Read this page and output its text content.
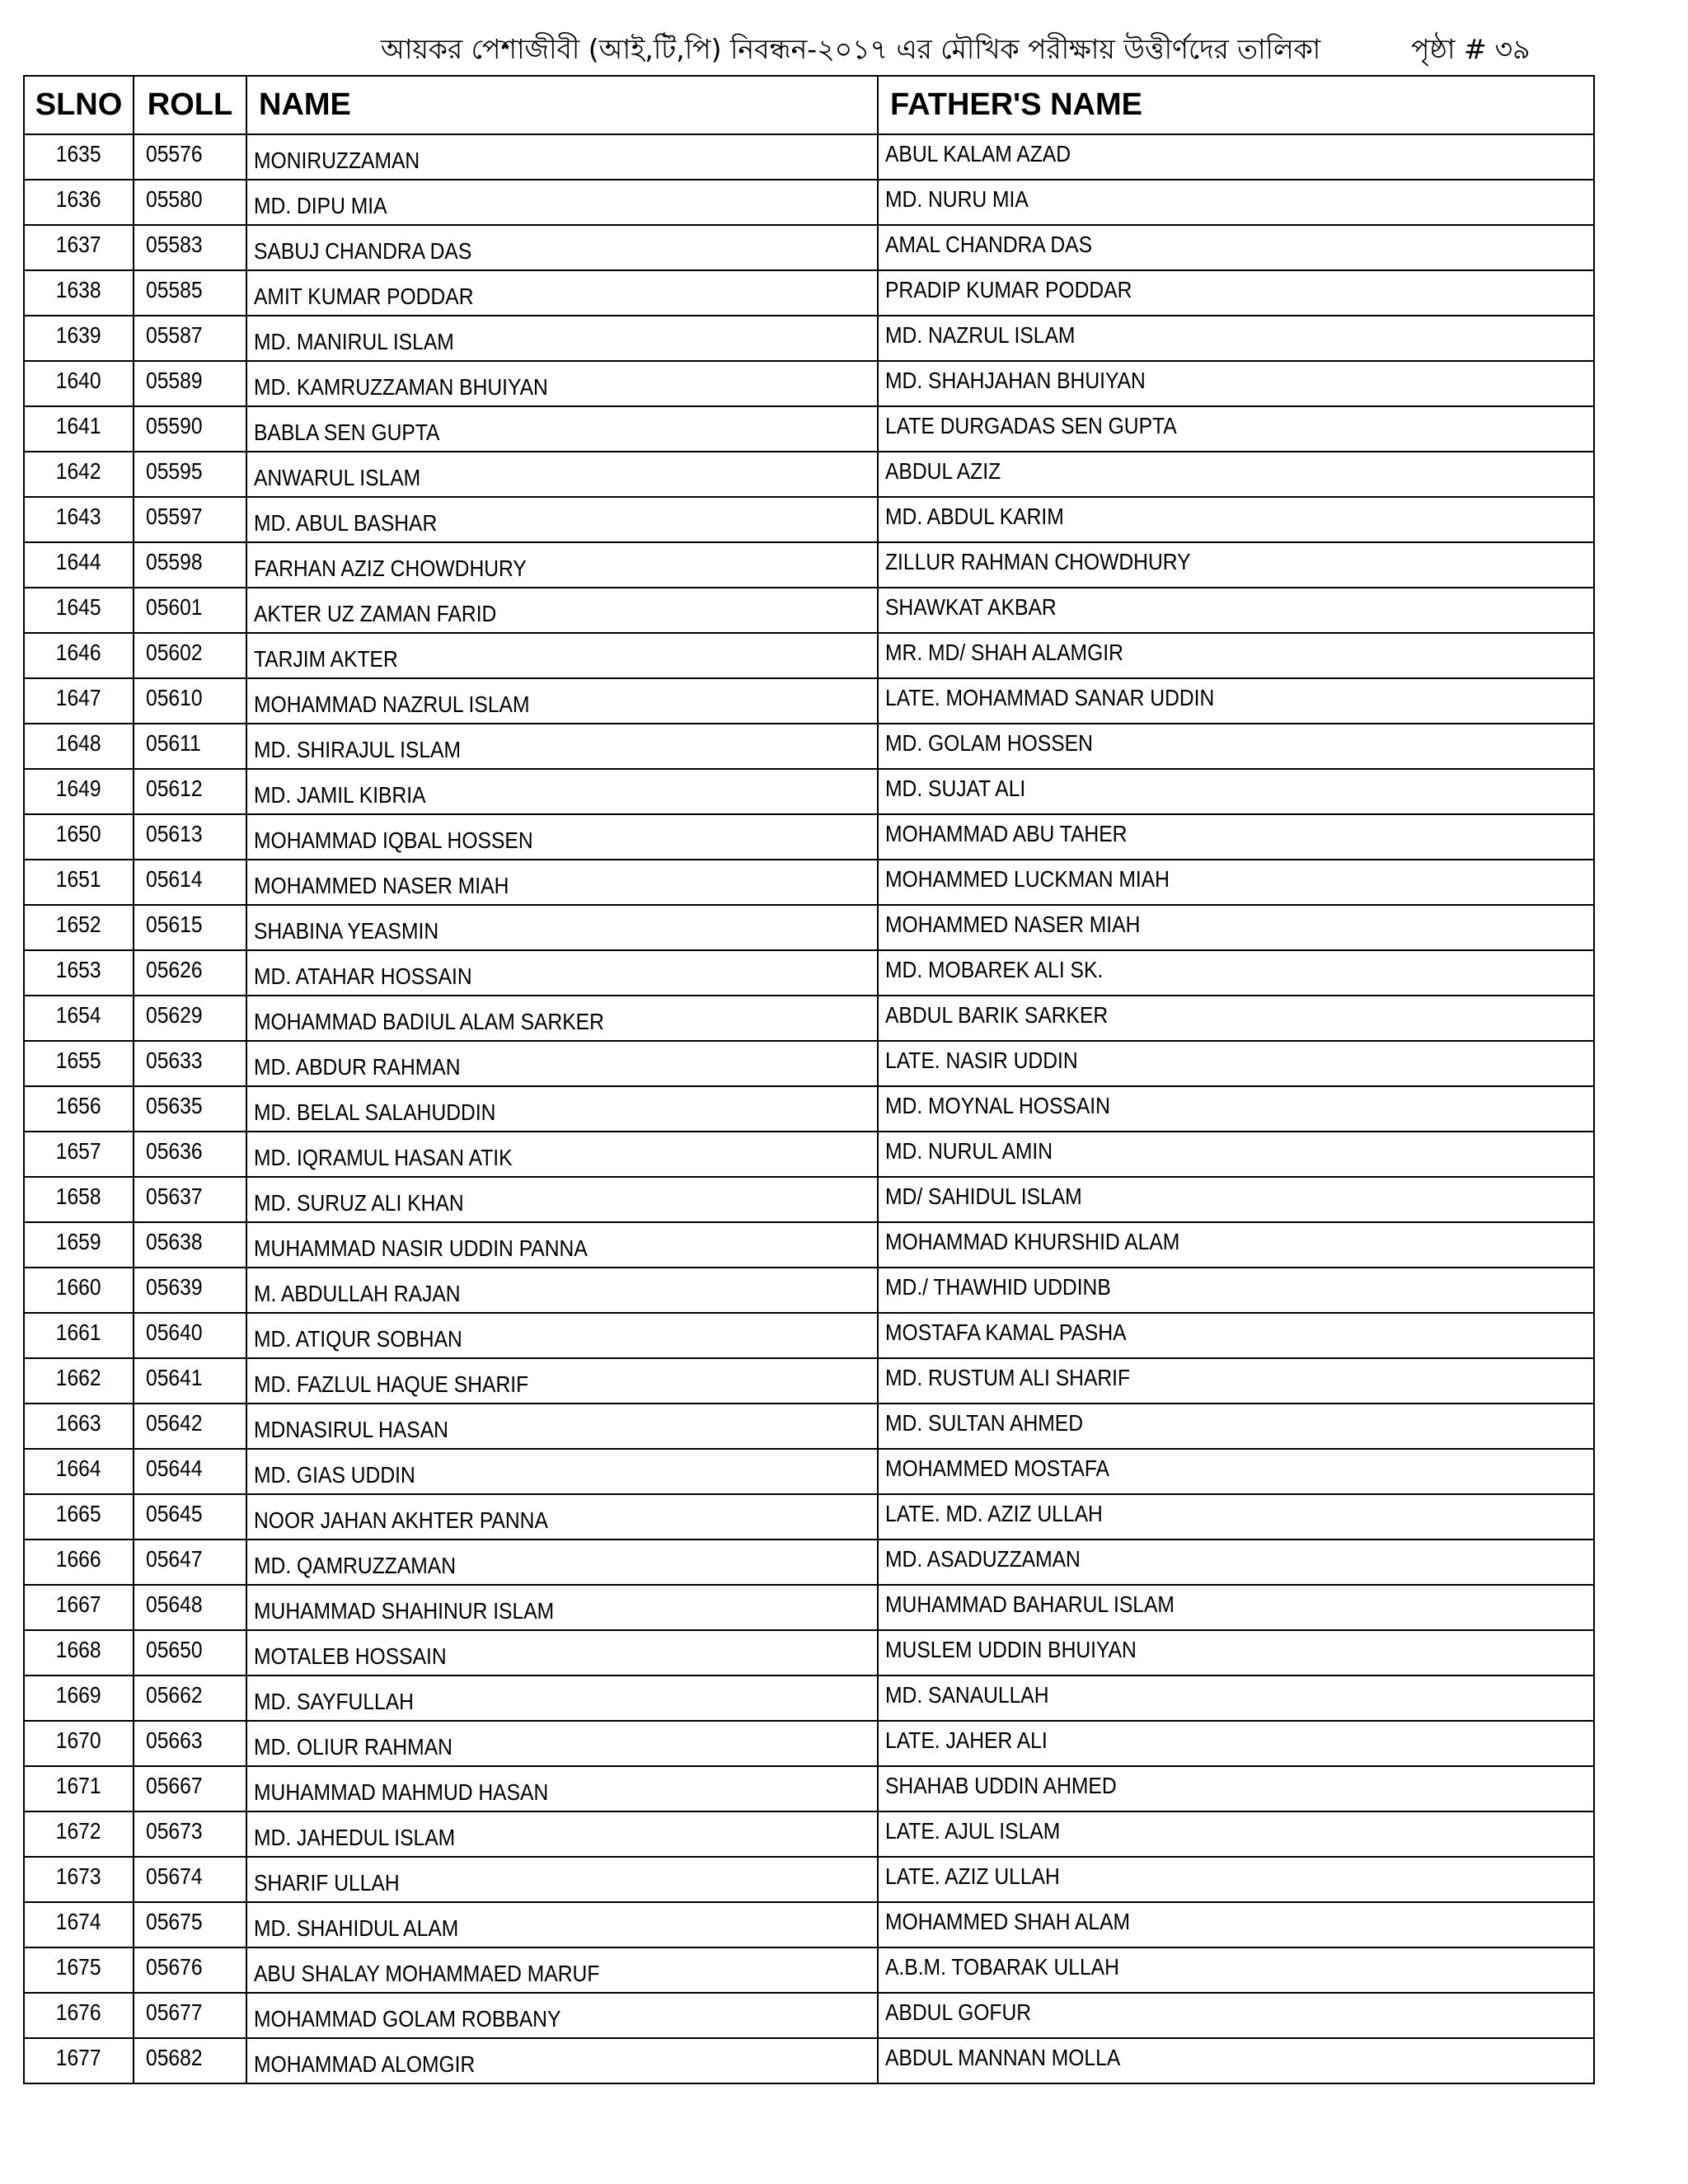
আয়কর পেশাজীবী (আই,টি,পি) নিবন্ধন-২০১৭ এর মৌখিক পরীক্ষায় উত্তীর্ণদের তালিকা	পৃষ্ঠা # ৩৯
SLNO	ROLL	NAME	FATHER'S NAME
1635	05576	MONIRUZZAMAN	ABUL KALAM AZAD
1636	05580	MD. DIPU MIA	MD. NURU MIA
1637	05583	SABUJ CHANDRA DAS	AMAL CHANDRA DAS
1638	05585	AMIT KUMAR PODDAR	PRADIP KUMAR PODDAR
1639	05587	MD. MANIRUL ISLAM	MD. NAZRUL ISLAM
1640	05589	MD. KAMRUZZAMAN BHUIYAN	MD. SHAHJAHAN BHUIYAN
1641	05590	BABLA SEN GUPTA	LATE DURGADAS SEN GUPTA
1642	05595	ANWARUL ISLAM	ABDUL AZIZ
1643	05597	MD. ABUL BASHAR	MD. ABDUL KARIM
1644	05598	FARHAN AZIZ CHOWDHURY	ZILLUR RAHMAN CHOWDHURY
1645	05601	AKTER UZ ZAMAN FARID	SHAWKAT AKBAR
1646	05602	TARJIM AKTER	MR. MD/ SHAH ALAMGIR
1647	05610	MOHAMMAD NAZRUL ISLAM	LATE. MOHAMMAD SANAR UDDIN
1648	05611	MD. SHIRAJUL ISLAM	MD. GOLAM HOSSEN
1649	05612	MD. JAMIL KIBRIA	MD. SUJAT ALI
1650	05613	MOHAMMAD IQBAL HOSSEN	MOHAMMAD ABU TAHER
1651	05614	MOHAMMED NASER MIAH	MOHAMMED LUCKMAN MIAH
1652	05615	SHABINA YEASMIN	MOHAMMED NASER MIAH
1653	05626	MD. ATAHAR HOSSAIN	MD. MOBAREK ALI SK.
1654	05629	MOHAMMAD BADIUL ALAM SARKER	ABDUL BARIK SARKER
1655	05633	MD. ABDUR RAHMAN	LATE. NASIR UDDIN
1656	05635	MD. BELAL SALAHUDDIN	MD. MOYNAL HOSSAIN
1657	05636	MD. IQRAMUL HASAN ATIK	MD. NURUL AMIN
1658	05637	MD. SURUZ ALI KHAN	MD/ SAHIDUL ISLAM
1659	05638	MUHAMMAD NASIR UDDIN PANNA	MOHAMMAD KHURSHID ALAM
1660	05639	M. ABDULLAH RAJAN	MD./ THAWHID UDDINB
1661	05640	MD. ATIQUR SOBHAN	MOSTAFA KAMAL PASHA
1662	05641	MD. FAZLUL HAQUE SHARIF	MD. RUSTUM ALI SHARIF
1663	05642	MDNASIRUL HASAN	MD. SULTAN AHMED
1664	05644	MD. GIAS UDDIN	MOHAMMED MOSTAFA
1665	05645	NOOR JAHAN AKHTER PANNA	LATE. MD. AZIZ ULLAH
1666	05647	MD. QAMRUZZAMAN	MD. ASADUZZAMAN
1667	05648	MUHAMMAD SHAHINUR ISLAM	MUHAMMAD BAHARUL ISLAM
1668	05650	MOTALEB HOSSAIN	MUSLEM UDDIN BHUIYAN
1669	05662	MD. SAYFULLAH	MD. SANAULLAH
1670	05663	MD. OLIUR RAHMAN	LATE. JAHER ALI
1671	05667	MUHAMMAD MAHMUD HASAN	SHAHAB UDDIN AHMED
1672	05673	MD. JAHEDUL ISLAM	LATE. AJUL ISLAM
1673	05674	SHARIF ULLAH	LATE. AZIZ ULLAH
1674	05675	MD. SHAHIDUL ALAM	MOHAMMED SHAH ALAM
1675	05676	ABU SHALAY MOHAMMAED MARUF	A.B.M. TOBARAK ULLAH
1676	05677	MOHAMMAD GOLAM ROBBANY	ABDUL GOFUR
1677	05682	MOHAMMAD ALOMGIR	ABDUL MANNAN MOLLA
